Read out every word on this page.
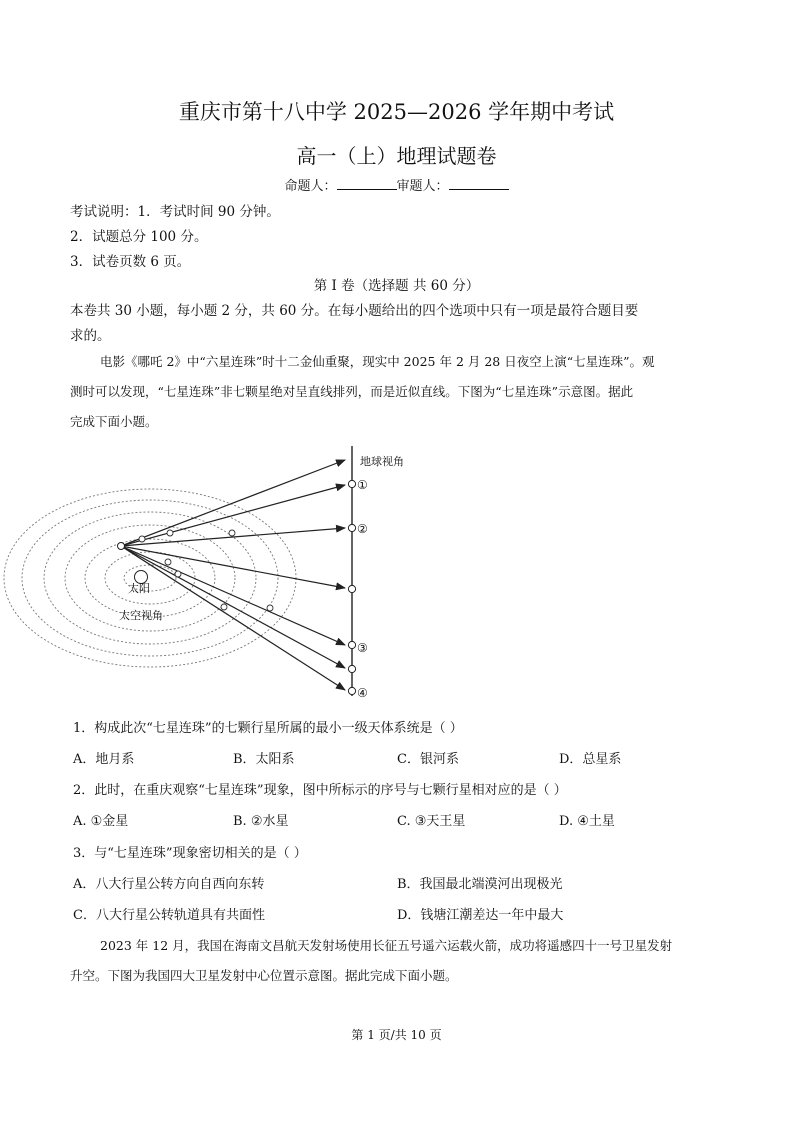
重庆市第十八中学 2025—2026 学年期中考试
高一（上）地理试题卷
命题人：	审题人：
考试说明：1．考试时间 90 分钟。
2．试题总分 100 分。
3．试卷页数 6 页。
第 I 卷（选择题 共 60 分）
本卷共 30 小题，每小题 2 分，共 60 分。在每小题给出的四个选项中只有一项是最符合题目要
求的。
电影《哪吒 2》中“六星连珠”时十二金仙重聚，现实中 2025 年 2 月 28 日夜空上演“七星连珠”。观
测时可以发现，“七星连珠”非七颗星绝对呈直线排列，而是近似直线。下图为“七星连珠”示意图。据此
完成下面小题。
地球视角
①
②
③
④
太阳
太空视角
1．构成此次“七星连珠”的七颗行星所属的最小一级天体系统是（ ）
A．地月系	B．太阳系	C．银河系	D．总星系
2．此时，在重庆观察“七星连珠”现象，图中所标示的序号与七颗行星相对应的是（ ）
A. ①金星	B. ②水星	C. ③天王星	D. ④土星
3．与“七星连珠”现象密切相关的是（ ）
A．八大行星公转方向自西向东转	B．我国最北端漠河出现极光
C．八大行星公转轨道具有共面性	D．钱塘江潮差达一年中最大
2023 年 12 月，我国在海南文昌航天发射场使用长征五号遥六运载火箭，成功将遥感四十一号卫星发射
升空。下图为我国四大卫星发射中心位置示意图。据此完成下面小题。
第 1 页/共 10 页
